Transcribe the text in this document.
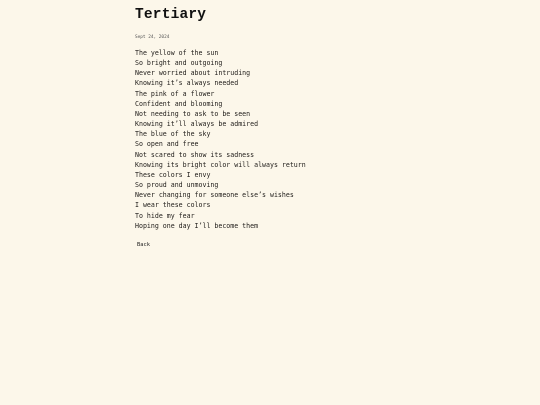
Tertiary
Sept 24, 2024
The yellow of the sun
So bright and outgoing
Never worried about intruding
Knowing it’s always needed
The pink of a flower
Confident and blooming
Not needing to ask to be seen
Knowing it’ll always be admired
The blue of the sky
So open and free
Not scared to show its sadness
Knowing its bright color will always return
These colors I envy
So proud and unmoving
Never changing for someone else’s wishes
I wear these colors
To hide my fear
Hoping one day I’ll become them
Back
